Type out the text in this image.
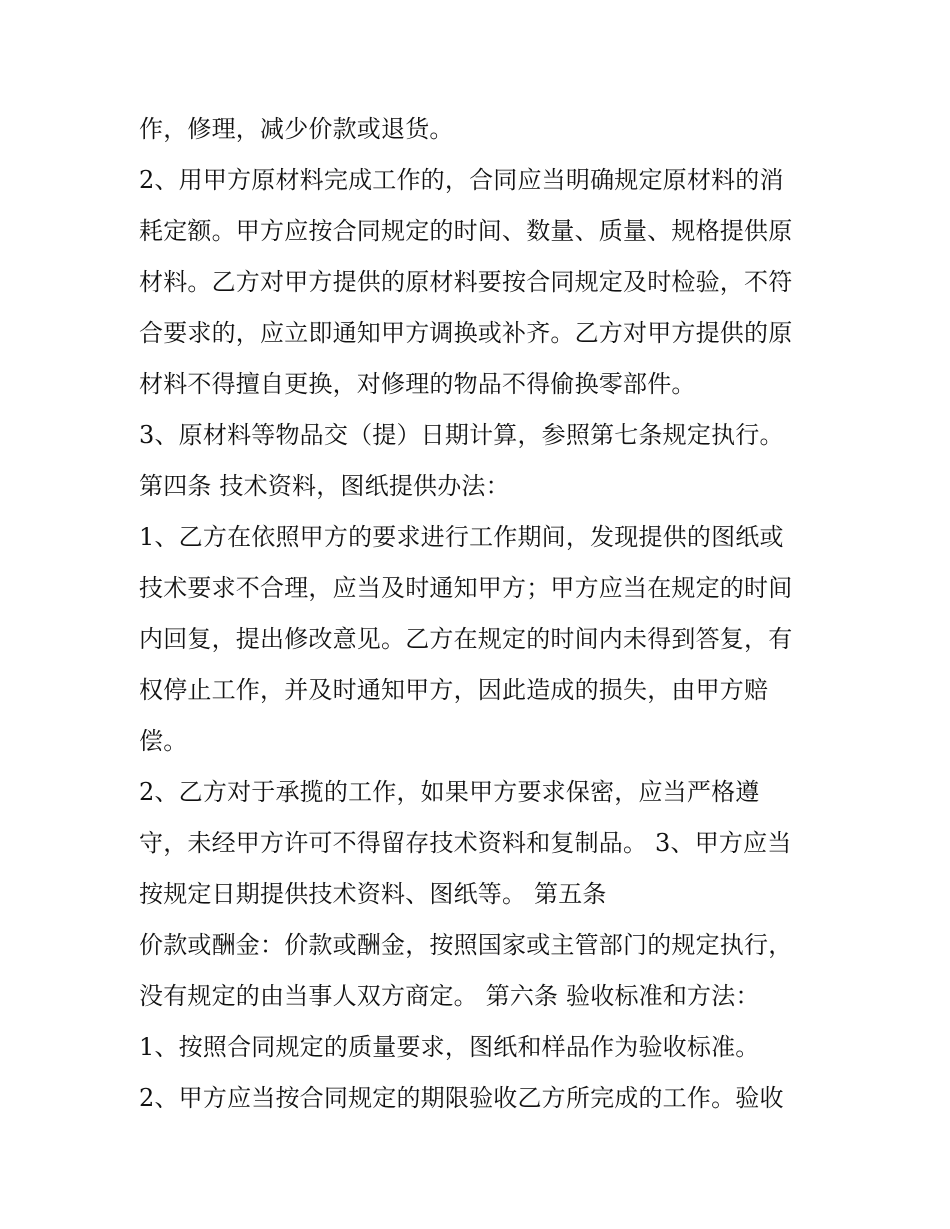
作，修理，减少价款或退货。
2、用甲方原材料完成工作的，合同应当明确规定原材料的消
耗定额。甲方应按合同规定的时间、数量、质量、规格提供原
材料。乙方对甲方提供的原材料要按合同规定及时检验，不符
合要求的，应立即通知甲方调换或补齐。乙方对甲方提供的原
材料不得擅自更换，对修理的物品不得偷换零部件。
3、原材料等物品交（提）日期计算，参照第七条规定执行。
第四条 技术资料，图纸提供办法：
1、乙方在依照甲方的要求进行工作期间，发现提供的图纸或
技术要求不合理，应当及时通知甲方；甲方应当在规定的时间
内回复，提出修改意见。乙方在规定的时间内未得到答复，有
权停止工作，并及时通知甲方，因此造成的损失，由甲方赔
偿。
2、乙方对于承揽的工作，如果甲方要求保密，应当严格遵
守，未经甲方许可不得留存技术资料和复制品。 3、甲方应当
按规定日期提供技术资料、图纸等。 第五条
价款或酬金：价款或酬金，按照国家或主管部门的规定执行，
没有规定的由当事人双方商定。 第六条 验收标准和方法：
1、按照合同规定的质量要求，图纸和样品作为验收标准。
2、甲方应当按合同规定的期限验收乙方所完成的工作。验收
